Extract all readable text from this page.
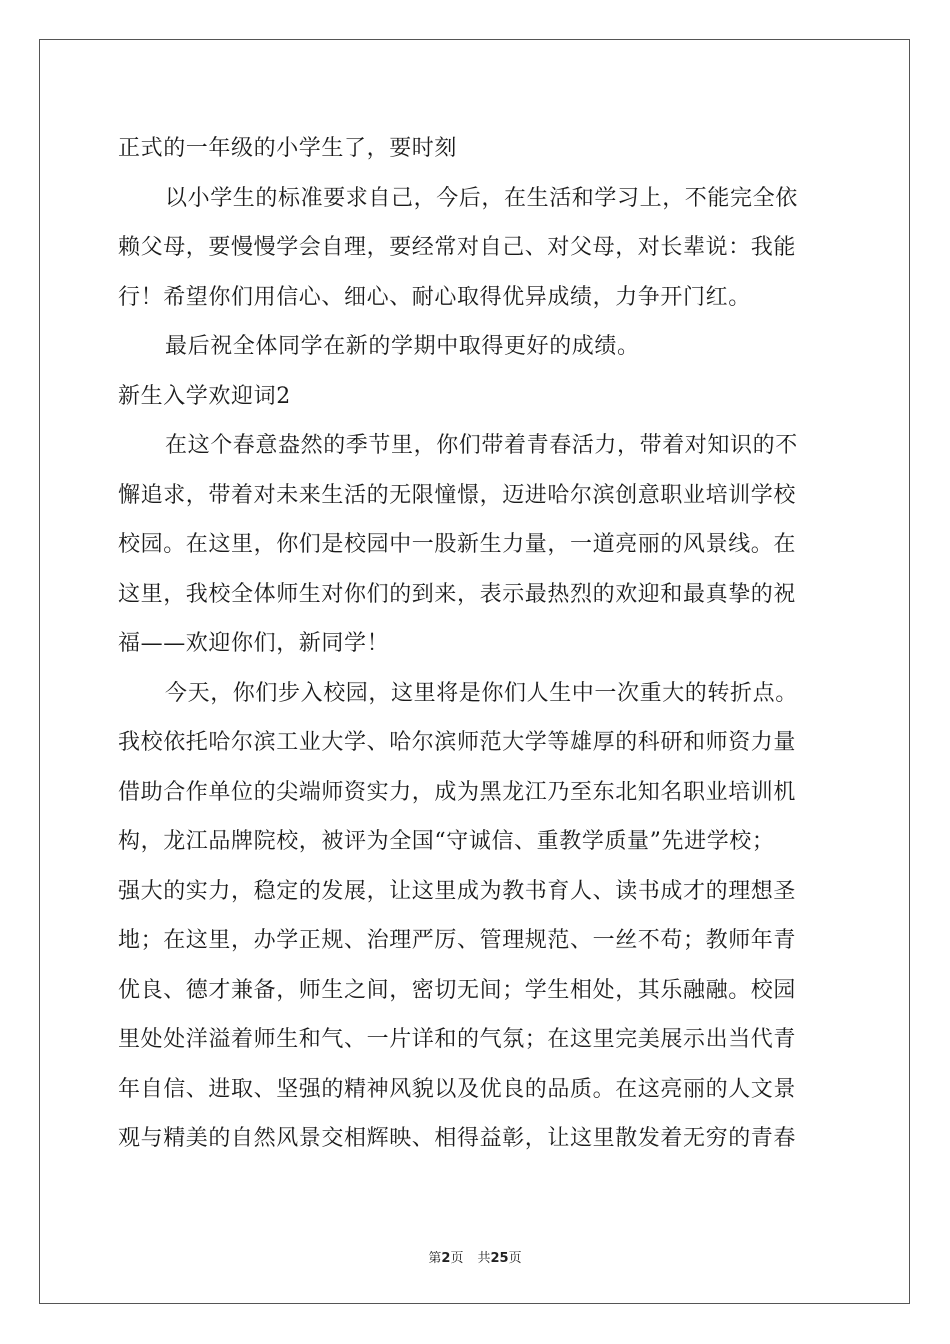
正式的一年级的小学生了，要时刻
以小学生的标准要求自己，今后，在生活和学习上，不能完全依
赖父母，要慢慢学会自理，要经常对自己、对父母，对长辈说：我能
行！希望你们用信心、细心、耐心取得优异成绩，力争开门红。
最后祝全体同学在新的学期中取得更好的成绩。
新生入学欢迎词2
在这个春意盎然的季节里，你们带着青春活力，带着对知识的不
懈追求，带着对未来生活的无限憧憬，迈进哈尔滨创意职业培训学校
校园。在这里，你们是校园中一股新生力量，一道亮丽的风景线。在
这里，我校全体师生对你们的到来，表示最热烈的欢迎和最真挚的祝
福——欢迎你们，新同学！
今天，你们步入校园，这里将是你们人生中一次重大的转折点。
我校依托哈尔滨工业大学、哈尔滨师范大学等雄厚的科研和师资力量
借助合作单位的尖端师资实力，成为黑龙江乃至东北知名职业培训机
构，龙江品牌院校，被评为全国“守诚信、重教学质量”先进学校；
强大的实力，稳定的发展，让这里成为教书育人、读书成才的理想圣
地；在这里，办学正规、治理严厉、管理规范、一丝不苟；教师年青
优良、德才兼备，师生之间，密切无间；学生相处，其乐融融。校园
里处处洋溢着师生和气、一片详和的气氛；在这里完美展示出当代青
年自信、进取、坚强的精神风貌以及优良的品质。在这亮丽的人文景
观与精美的自然风景交相辉映、相得益彰，让这里散发着无穷的青春
第2页 共25页
